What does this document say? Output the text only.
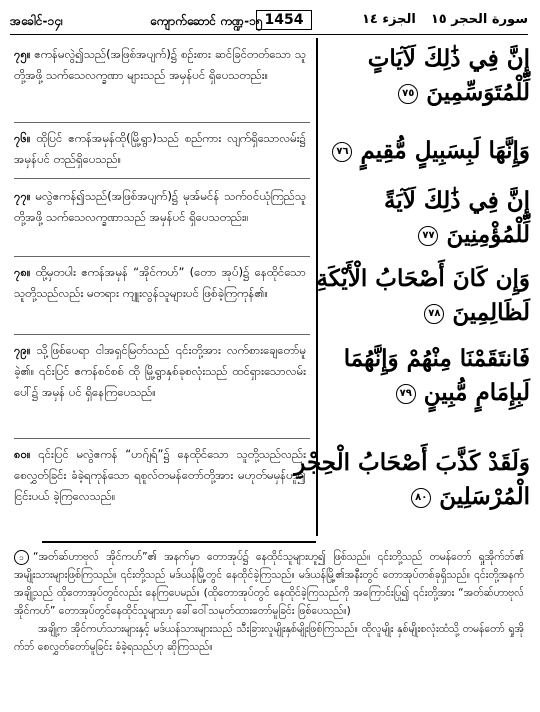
အခေါင်-၁၄၊	ကျောက်ဆောင် ကဏ္ဍ-၁၅ 1454	الجزء ١٤ سورة الحجر ١٥
၇၅။ ဧကန်မလွဲ၍သည်(အဖြစ်အပျက်)၌ စဉ်းစား ဆင်ခြင်တတ်သော သူတို့အဖို့ သက်သေလက္ခဏာ များသည် အမှန်ပင် ရှိပေသတည်း။
၇၆။ ထိုပြင် ဧကန်အမှန်ထို(မြို့ရွာ)သည် စည်ကား လျက်ရှိသောလမ်း၌ အမှန်ပင် တည်ရှိပေသည်။
၇၇။ မလွဲဧကန်၍သည်(အဖြစ်အပျက်)၌ မုအ်မင်န် သက်ဝင်ယုံကြည်သူတို့အဖို့ သက်သေလက္ခဏာသည် အမှန်ပင် ရှိပေသတည်း။
၇၈။ ထို့မှတပါး ဧကန်အမှန် “အိုင်ကဟ်” (တော အုပ်)၌ နေထိုင်သောသူတို့သည်လည်း မတရား ကျူးလွန်သူများပင် ဖြစ်ခဲ့ကြကုန်၏။
၇၉။ သို့ဖြစ်ပေရာ ငါအရှင်မြတ်သည် ၎င်းတို့အား လက်စားချေတော်မူခဲ့၏။ ၎င်းပြင် ဧကန်စင်စစ် ထို မြို့ရွာနှစ်ခုစလုံးသည် ထင်ရှားသောလမ်းပေါ်၌ အမှန် ပင် ရှိနေကြပေသည်။
၈၀။ ၎င်းပြင် မလွဲဧကန် “ဟဂ်ျရ်”၌ နေထိုင်သော သူတို့သည်လည်း စေလွှတ်ခြင်း ခံခဲ့ရကုန်သော ရစူလ်တမန်တော်တို့အား မဟုတ်မမှန်ဟူ၍ ငြင်းပယ် ခဲ့ကြလေသည်။
إِنَّ فِي ذَٰلِكَ لَآيَاتٍ
لِّلْمُتَوَسِّمِينَ ٧٥
وَإِنَّهَا لَبِسَبِيلٍ مُّقِيمٍ ٧٦
إِنَّ فِي ذَٰلِكَ لَآيَةً
لِّلْمُؤْمِنِينَ ٧٧
وَإِن كَانَ أَصْحَابُ الْأَيْكَةِ
لَظَالِمِينَ ٧٨
فَانتَقَمْنَا مِنْهُمْ وَإِنَّهُمَا
لَبِإِمَامٍ مُّبِينٍ ٧٩
وَلَقَدْ كَذَّبَ أَصْحَابُ الْحِجْرِ
الْمُرْسَلِينَ ٨٠

၁ “အတ်ဆ်ဟာဗုလ် အိုင်ကဟ်”၏ အနက်မှာ တောအုပ်၌ နေထိုင်သူများဟူ၍ ဖြစ်သည်။ ၎င်းတို့သည် တမန်တော် ရှုအိုက်ဘ်၏ အမျိုးသားများဖြစ်ကြသည်။ ၎င်းတို့သည် မဒ်ယန်မြို့တွင် နေထိုင်ခဲ့ကြသည်။ မဒ်ယန်မြို့၏အနီးတွင် တောအုပ်တစ်ခုရှိသည်။ ၎င်းတို့အနက် အချို့သည် ထိုတောအုပ်တွင်လည်း နေကြပေမည်။ (ထိုတောအုပ်တွင် နေထိုင်ခဲ့ကြသည်ကို အကြောင်းပြု၍ ၎င်းတို့အား “အတ်ဆ်ဟာဗုလ် အိုင်ကဟ်” တောအုပ်တွင်နေထိုင်သူများဟု ခေါ်ဝေါ်သမုတ်ထားတော်မူခြင်း ဖြစ်ပေသည်။)

အချို့က အိုင်ကဟ်သားများနှင့် မဒ်ယန်သားများသည် သီးခြားလူမျိုးနှစ်မျိုးဖြစ်ကြသည်။ ထိုလူမျိုး နှစ်မျိုးစလုံးထံသို့ တမန်တော် ရှုအိုက်ဘ် စေလွှတ်တော်မူခြင်း ခံခဲ့ရသည်ဟု ဆိုကြသည်။
